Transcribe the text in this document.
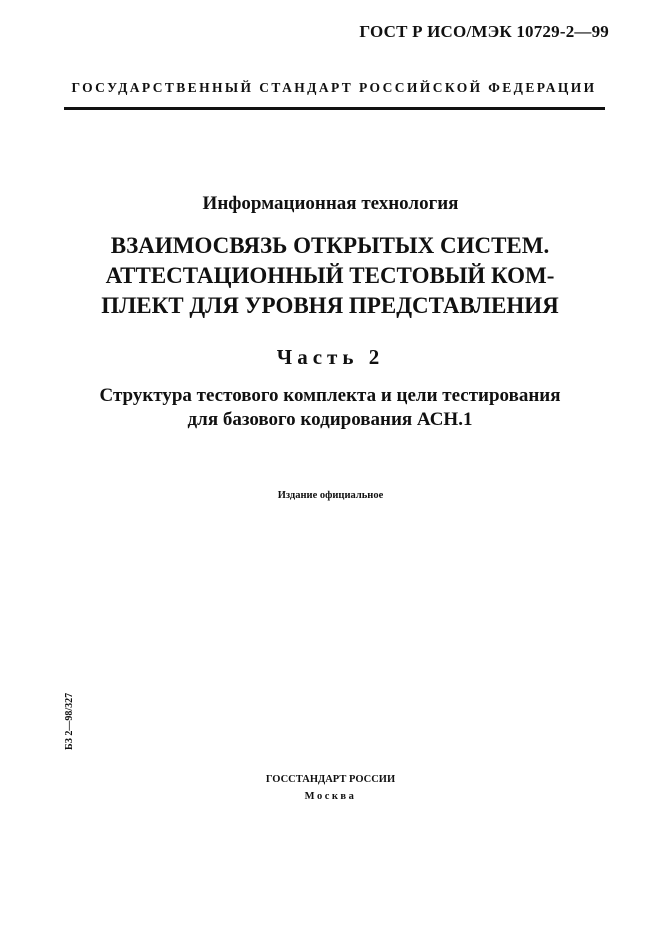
ГОСТ Р ИСО/МЭК 10729-2—99
ГОСУДАРСТВЕННЫЙ СТАНДАРТ РОССИЙСКОЙ ФЕДЕРАЦИИ
Информационная технология
ВЗАИМОСВЯЗЬ ОТКРЫТЫХ СИСТЕМ.
АТТЕСТАЦИОННЫЙ ТЕСТОВЫЙ КОМ-
ПЛЕКТ ДЛЯ УРОВНЯ ПРЕДСТАВЛЕНИЯ
Часть 2
Структура тестового комплекта и цели тестирования
для базового кодирования АСН.1
Издание официальное
БЗ 2—98/327
ГОССТАНДАРТ РОССИИ
Москва
